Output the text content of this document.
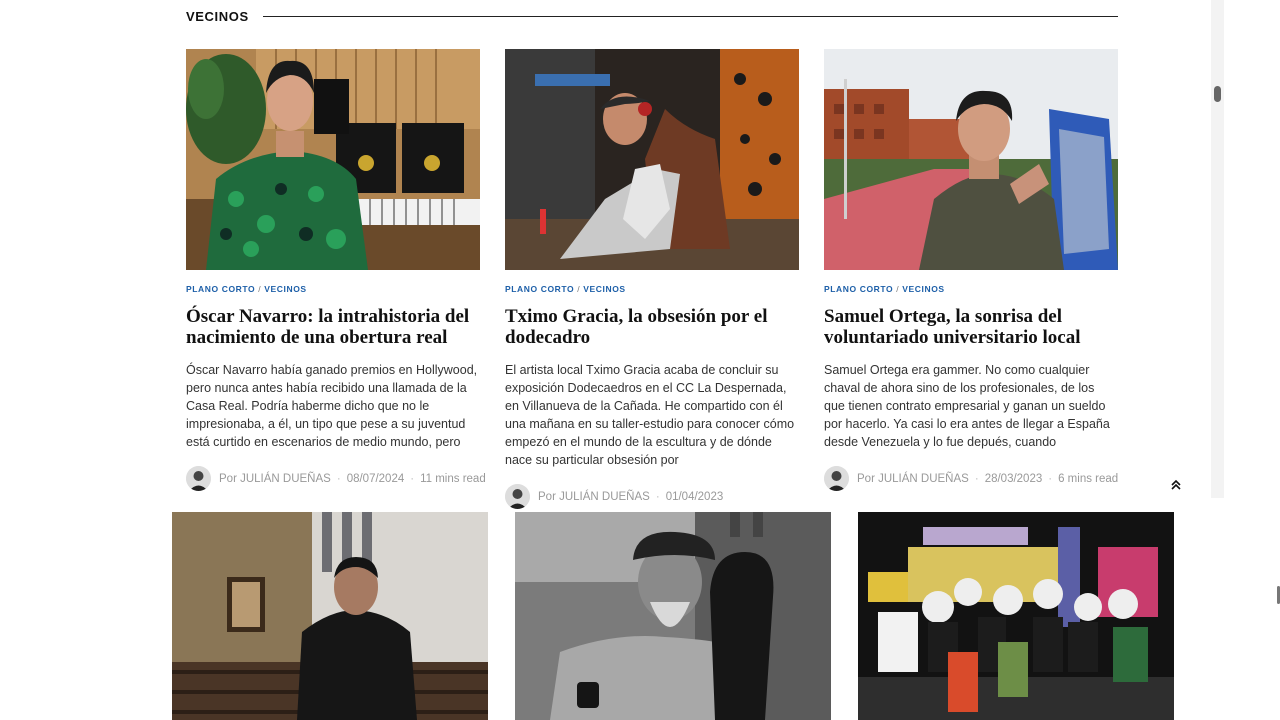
VECINOS
PLANO CORTO / VECINOS
Óscar Navarro: la intrahistoria del nacimiento de una obertura real

Óscar Navarro había ganado premios en Hollywood, pero nunca antes había recibido una llamada de la Casa Real. Podría haberme dicho que no le impresionaba, a él, un tipo que pese a su juventud está curtido en escenarios de medio mundo, pero

Por JULIÁN DUEÑAS · 08/07/2024 · 11 mins read
PLANO CORTO / VECINOS
Tximo Gracia, la obsesión por el dodecadro

El artista local Tximo Gracia acaba de concluir su exposición Dodecaedros en el CC La Despernada, en Villanueva de la Cañada. He compartido con él una mañana en su taller-estudio para conocer cómo empezó en el mundo de la escultura y de dónde nace su particular obsesión por

Por JULIÁN DUEÑAS · 01/04/2023
PLANO CORTO / VECINOS
Samuel Ortega, la sonrisa del voluntariado universitario local

Samuel Ortega era gammer. No como cualquier chaval de ahora sino de los profesionales, de los que tienen contrato empresarial y ganan un sueldo por hacerlo. Ya casi lo era antes de llegar a España desde Venezuela y lo fue depués, cuando

Por JULIÁN DUEÑAS · 28/03/2023 · 6 mins read
